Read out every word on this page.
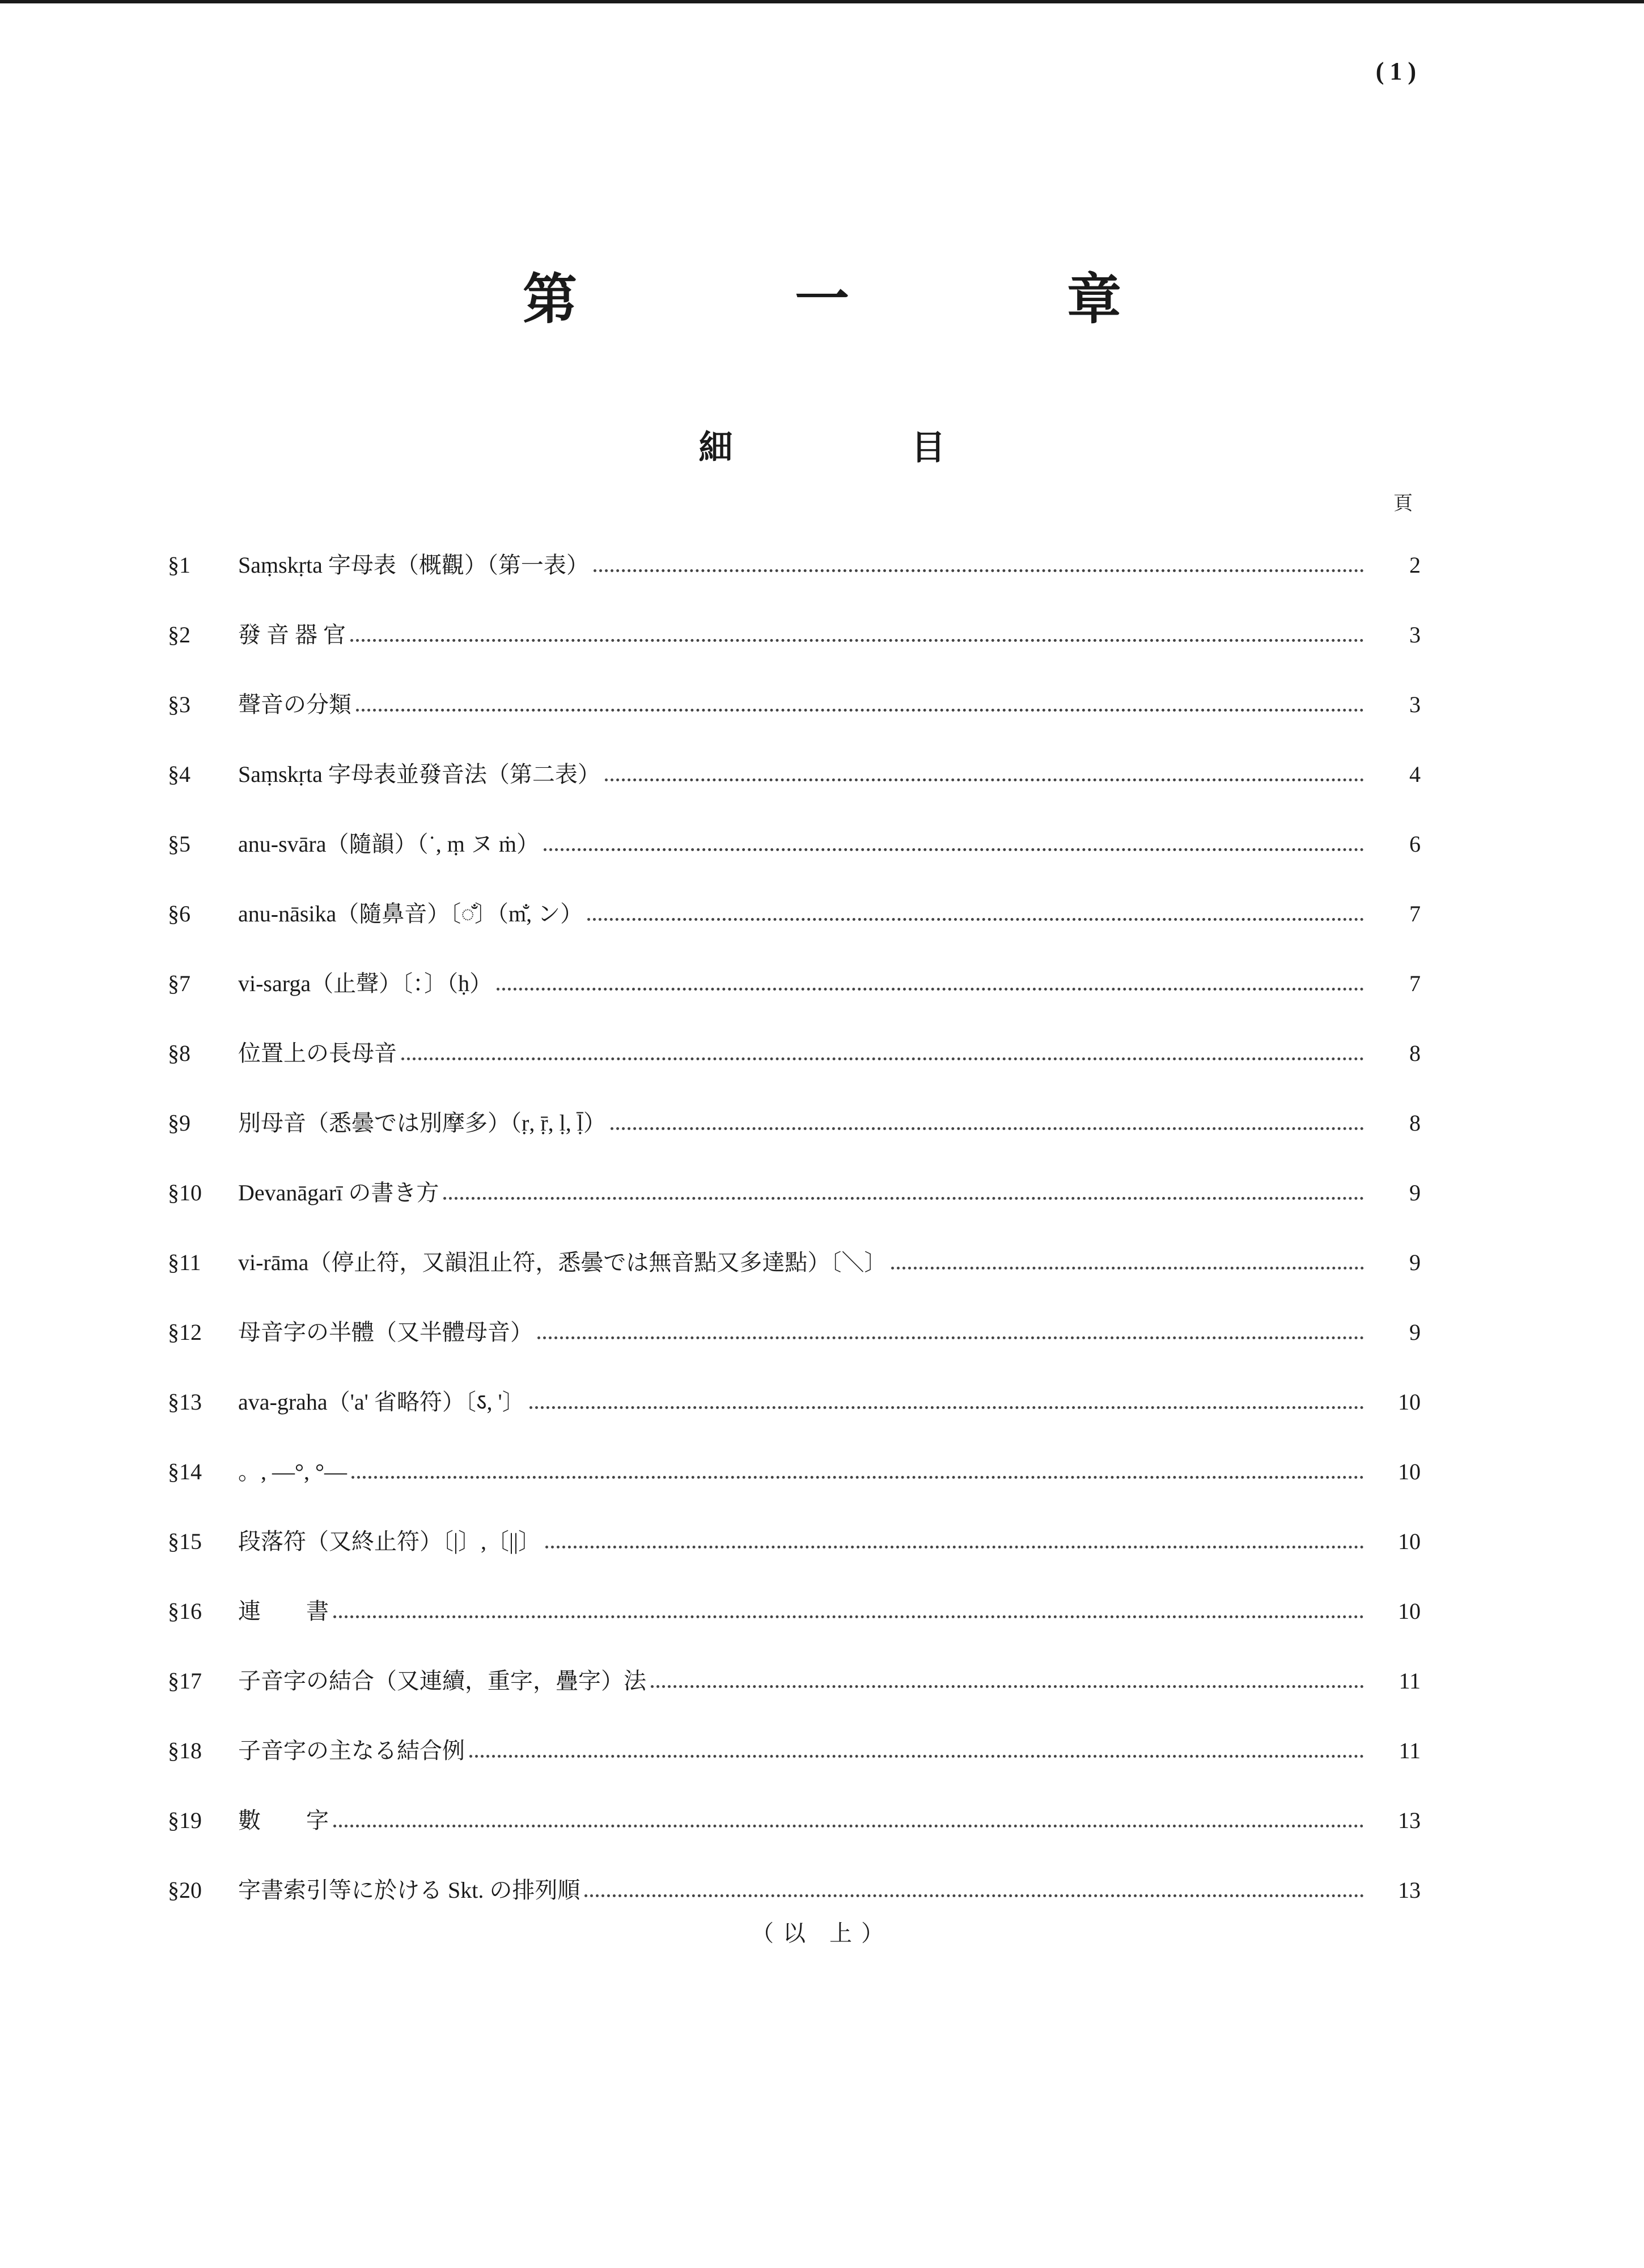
(1)
第 一 章
細 目
頁
§1	Saṃskṛta 字母表（概觀）（第一表）	2
§2	發 音 器 官	3
§3	聲音の分類	3
§4	Saṃskṛta 字母表並發音法（第二表）	4
§5	anu-svāra（隨韻）（˙, ṃ ヌ ṁ）	6
§6	anu-nāsika（隨鼻音）〔◌̐〕（m̐, ン）	7
§7	vi-sarga（止聲）〔：〕（ḥ）	7
§8	位置上の長母音	8
§9	別母音（悉曇では別摩多）（ṛ, ṝ, ḷ, ḹ）	8
§10	Devanāgarī の書き方	9
§11	vi-rāma（停止符，又韻沮止符，悉曇では無音點又多達點）〔＼〕	9
§12	母音字の半體（又半體母音）	9
§13	ava-graha（'a' 省略符）〔ऽ, '〕	10
§14	。, —°, °—	10
§15	段落符（又終止符）〔|〕,〔||〕	10
§16	連　　書	10
§17	子音字の結合（又連續，重字，疊字）法	11
§18	子音字の主なる結合例	11
§19	數　　字	13
§20	字書索引等に於ける Skt. の排列順	13
（以 上）
